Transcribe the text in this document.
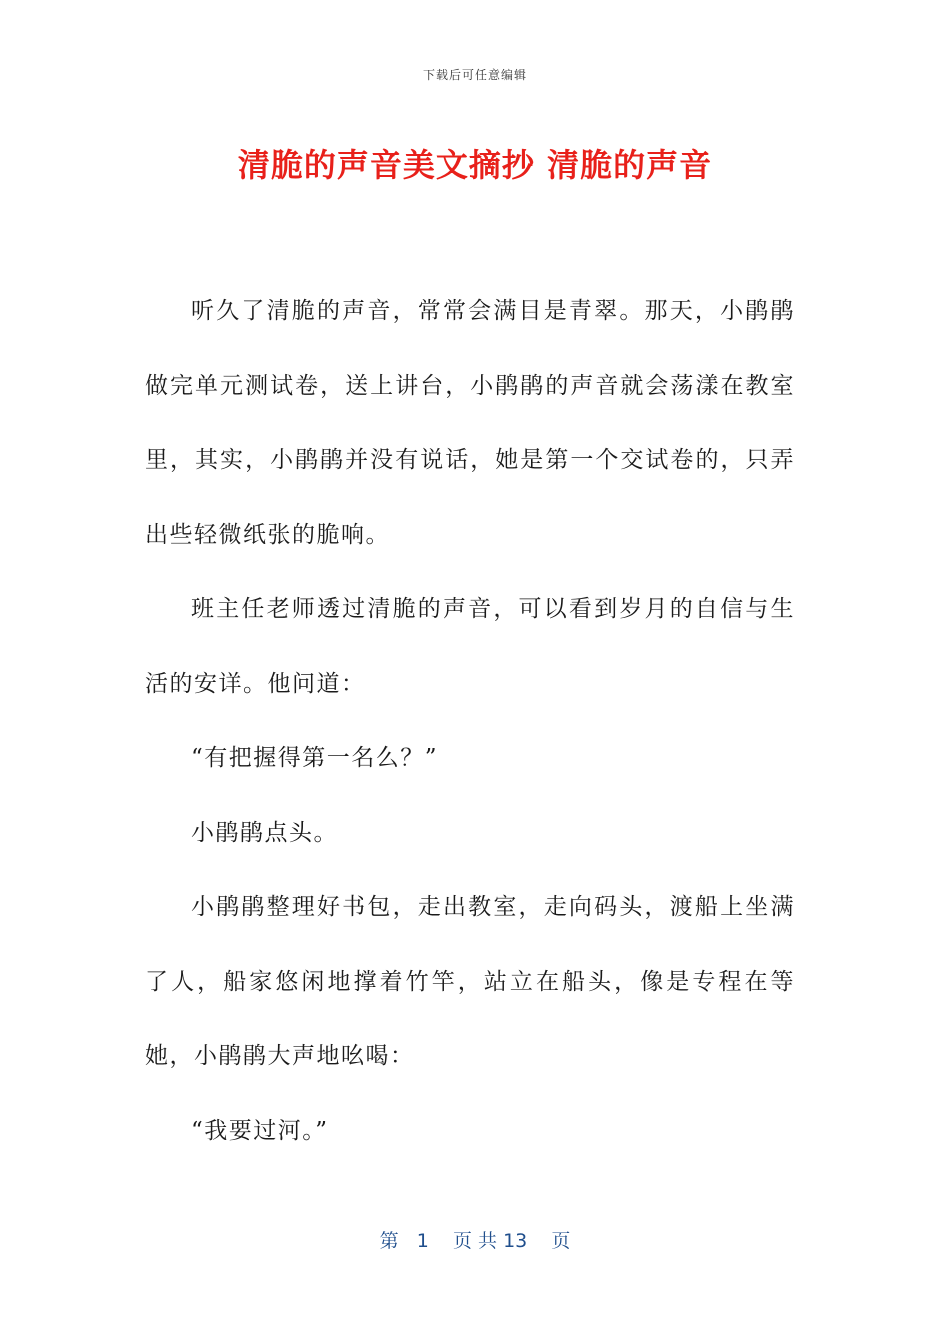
下载后可任意编辑
清脆的声音美文摘抄 清脆的声音

听久了清脆的声音，常常会满目是青翠。那天，小鹃鹃做完单元测试卷，送上讲台，小鹃鹃的声音就会荡漾在教室里，其实，小鹃鹃并没有说话，她是第一个交试卷的，只弄出些轻微纸张的脆响。

班主任老师透过清脆的声音，可以看到岁月的自信与生活的安详。他问道：

“有把握得第一名么？”

小鹃鹃点头。

小鹃鹃整理好书包，走出教室，走向码头，渡船上坐满了人，船家悠闲地撑着竹竿，站立在船头，像是专程在等她，小鹃鹃大声地吆喝：

“我要过河。”

第 1 页 共 13 页
